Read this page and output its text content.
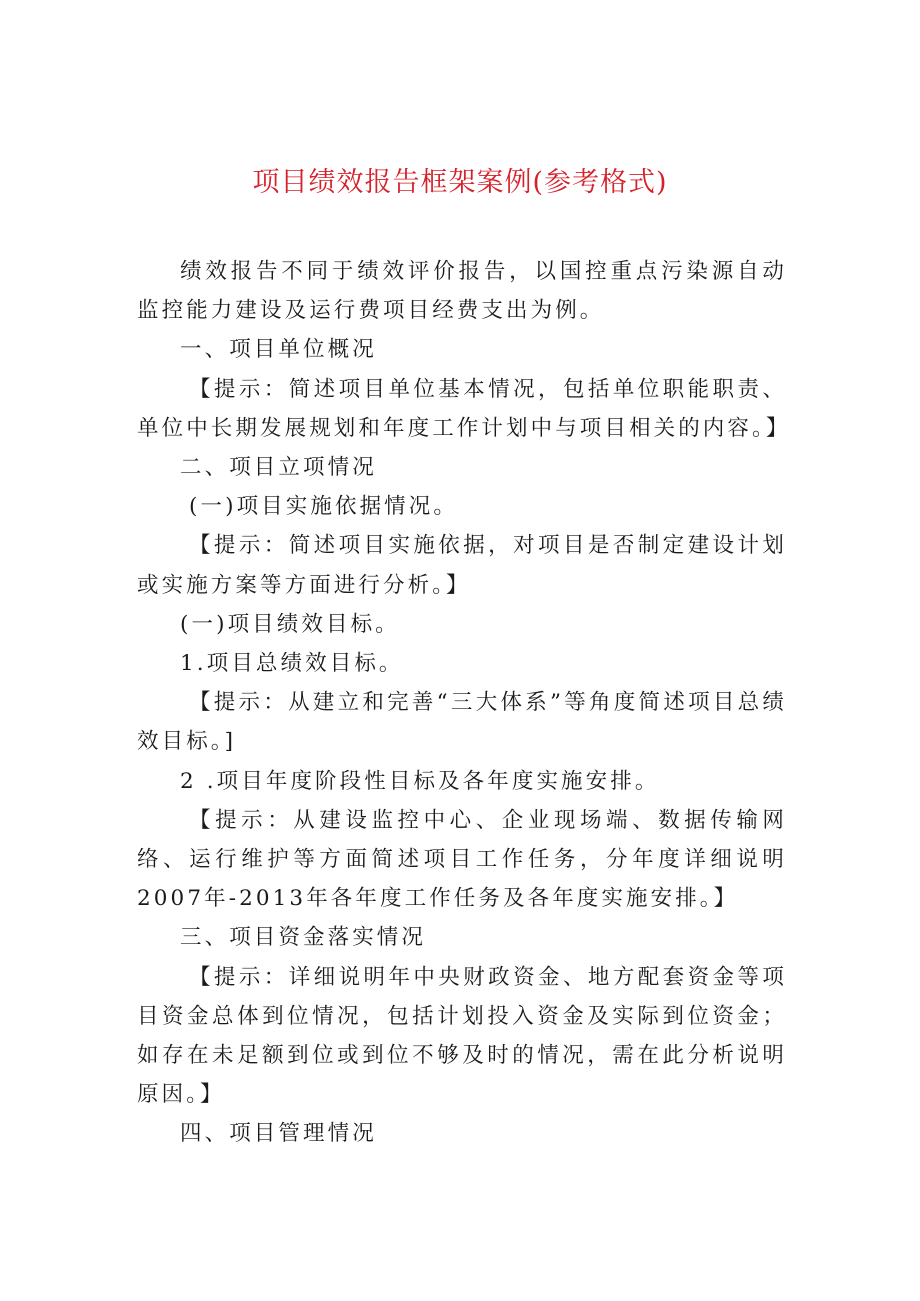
项目绩效报告框架案例(参考格式)

绩效报告不同于绩效评价报告，以国控重点污染源自动监控能力建设及运行费项目经费支出为例。

一、项目单位概况

【提示：简述项目单位基本情况，包括单位职能职责、单位中长期发展规划和年度工作计划中与项目相关的内容。】

二、项目立项情况

(一)项目实施依据情况。

【提示：简述项目实施依据，对项目是否制定建设计划或实施方案等方面进行分析。】

(一)项目绩效目标。

1.项目总绩效目标。

【提示：从建立和完善“三大体系”等角度简述项目总绩效目标。]

2 .项目年度阶段性目标及各年度实施安排。

【提示：从建设监控中心、企业现场端、数据传输网络、运行维护等方面简述项目工作任务，分年度详细说明2007年-2013年各年度工作任务及各年度实施安排。】

三、项目资金落实情况

【提示：详细说明年中央财政资金、地方配套资金等项目资金总体到位情况，包括计划投入资金及实际到位资金；如存在未足额到位或到位不够及时的情况，需在此分析说明原因。】

四、项目管理情况
